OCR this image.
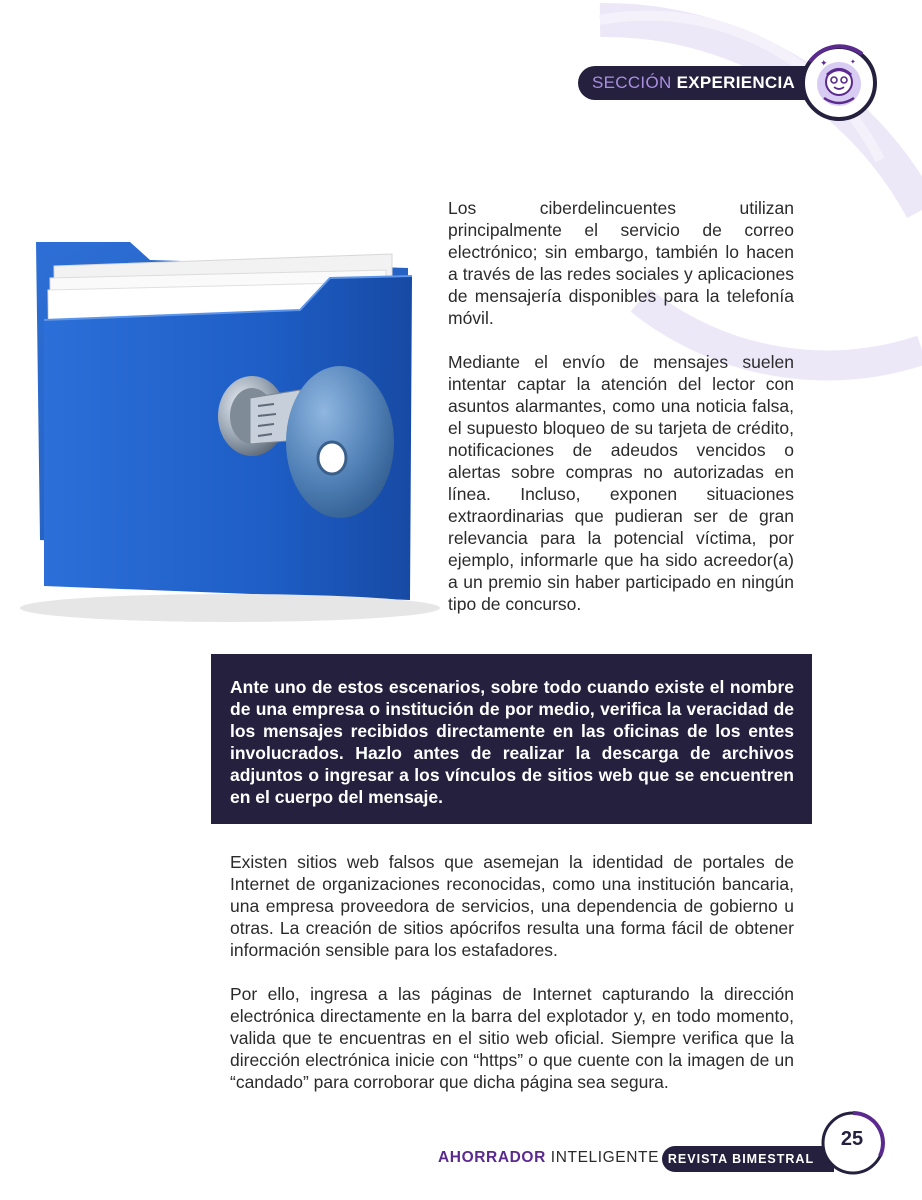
SECCIÓN EXPERIENCIA
✦	✦

Los ciberdelincuentes utilizan principalmente el servicio de correo electrónico; sin embargo, también lo hacen a través de las redes sociales y aplicaciones de mensajería disponibles para la telefonía móvil.

Mediante el envío de mensajes suelen intentar captar la atención del lector con asuntos alarmantes, como una noticia falsa, el supuesto bloqueo de su tarjeta de crédito, notificaciones de adeudos vencidos o alertas sobre compras no autorizadas en línea. Incluso, exponen situaciones extraordinarias que pudieran ser de gran relevancia para la potencial víctima, por ejemplo, informarle que ha sido acreedor(a) a un premio sin haber participado en ningún tipo de concurso.

Ante uno de estos escenarios, sobre todo cuando existe el nombre de una empresa o institución de por medio, verifica la veracidad de los mensajes recibidos directamente en las oficinas de los entes involucrados. Hazlo antes de realizar la descarga de archivos adjuntos o ingresar a los vínculos de sitios web que se encuentren en el cuerpo del mensaje.

Existen sitios web falsos que asemejan la identidad de portales de Internet de organizaciones reconocidas, como una institución bancaria, una empresa proveedora de servicios, una dependencia de gobierno u otras. La creación de sitios apócrifos resulta una forma fácil de obtener información sensible para los estafadores.

Por ello, ingresa a las páginas de Internet capturando la dirección electrónica directamente en la barra del explotador y, en todo momento, valida que te encuentras en el sitio web oficial. Siempre verifica que la dirección electrónica inicie con “https” o que cuente con la imagen de un “candado” para corroborar que dicha página sea segura.

AHORRADOR INTELIGENTE REVISTA BIMESTRAL
25
